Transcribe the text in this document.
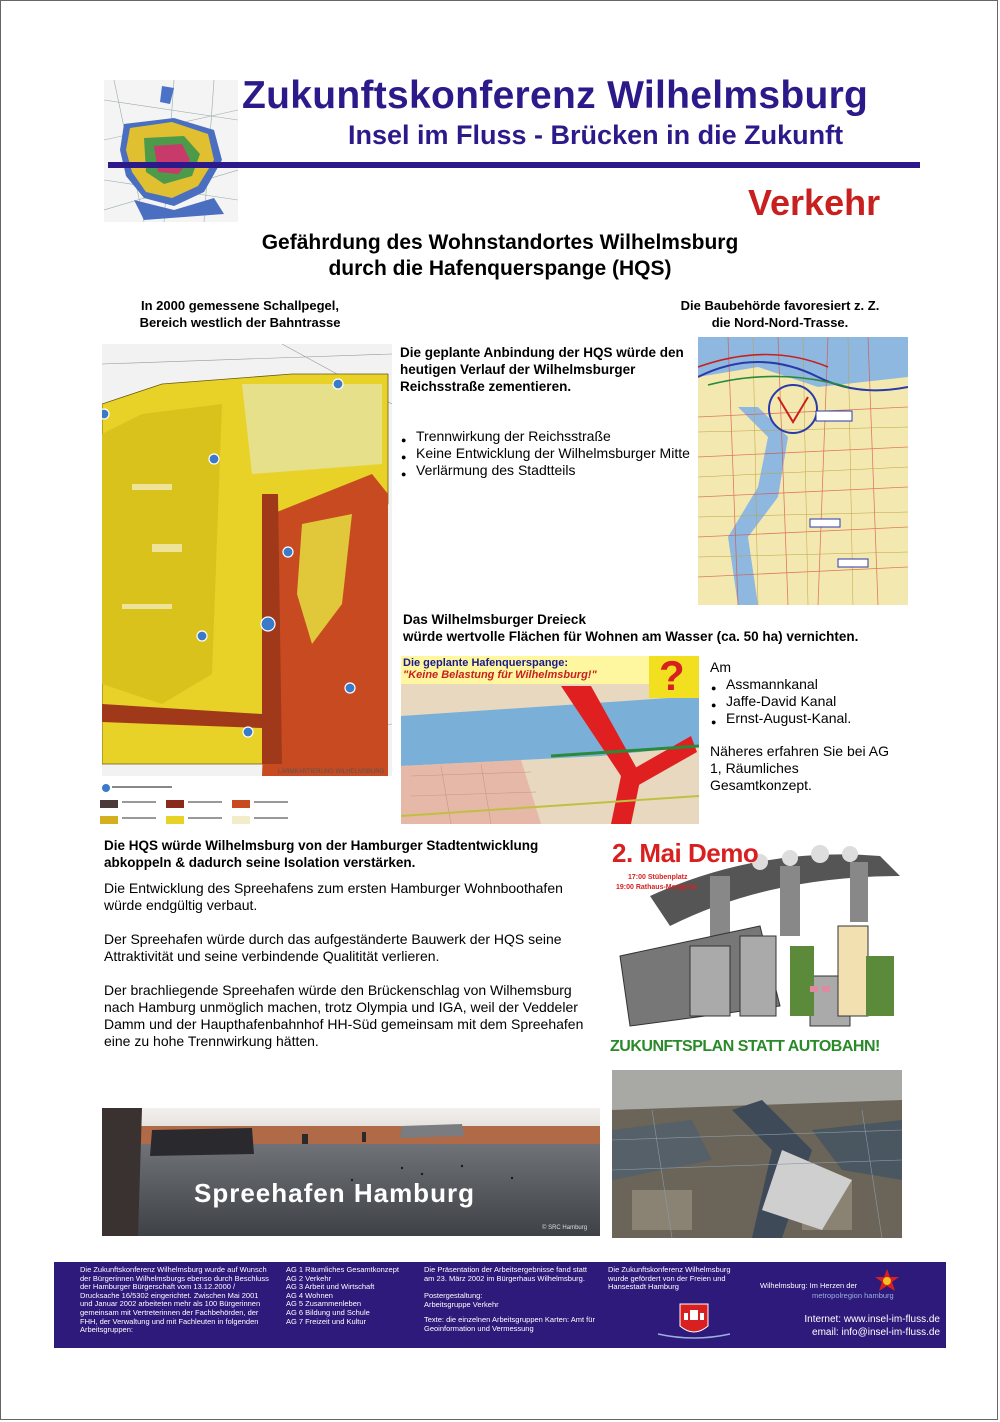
Zukunftskonferenz Wilhelmsburg
Insel im Fluss - Brücken in die Zukunft
Verkehr
Gefährdung des Wohnstandortes Wilhelmsburg
durch die Hafenquerspange (HQS)
In 2000 gemessene Schallpegel,
Bereich westlich der Bahntrasse
LÄRMKARTIERUNG WILHELMSBURG
Die geplante Anbindung der HQS würde den heutigen Verlauf der Wilhelmsburger Reichsstraße zementieren.
● Trennwirkung der Reichsstraße
● Keine Entwicklung der Wilhelmsburger Mitte
● Verlärmung des Stadtteils
Die Baubehörde favoresiert z. Z.
die Nord-Nord-Trasse.
Das Wilhelmsburger Dreieck
würde wertvolle Flächen für Wohnen am Wasser (ca. 50 ha) vernichten.
Die geplante Hafenquerspange:
"Keine Belastung für Wilhelmsburg!" ? Am
● Assmannkanal
● Jaffe-David Kanal
● Ernst-August-Kanal.
Näheres erfahren Sie bei AG 1, Räumliches Gesamtkonzept.
Die HQS würde Wilhelmsburg von der Hamburger Stadtentwicklung abkoppeln & dadurch seine Isolation verstärken.
Die Entwicklung des Spreehafens zum ersten Hamburger Wohnboothafen würde endgültig verbaut.
Der Spreehafen würde durch das aufgeständerte Bauwerk der HQS seine Attraktivität und seine verbindende Qualitität verlieren.
Der brachliegende Spreehafen würde den Brückenschlag von Wilhemsburg nach Hamburg unmöglich machen, trotz Olympia und IGA, weil der Veddeler Damm und der Haupthafenbahnhof HH-Süd gemeinsam mit dem Spreehafen eine zu hohe Trennwirkung hätten.
2. Mai Demo
17:00 Stübenplatz
19:00 Rathaus-Mengestr.
ZUKUNFTSPLAN STATT AUTOBAHN!
Spreehafen Hamburg
© SRC Hamburg
Die Zukunftskonferenz Wilhelmsburg wurde auf Wunsch der Bürgerinnen Wilhelmsburgs ebenso durch Beschluss der Hamburger Bürgerschaft vom 13.12.2000 / Drucksache 16/5302 eingerichtet. Zwischen Mai 2001 und Januar 2002 arbeiteten mehr als 100 Bürgerinnen gemeinsam mit Vertreterinnen der Fachbehörden, der FHH, der Verwaltung und mit Fachleuten in folgenden Arbeitsgruppen:
AG 1 Räumliches Gesamtkonzept
AG 2 Verkehr
AG 3 Arbeit und Wirtschaft
AG 4 Wohnen
AG 5 Zusammenleben
AG 6 Bildung und Schule
AG 7 Freizeit und Kultur
Die Präsentation der Arbeitsergebnisse fand statt am 23. März 2002 im Bürgerhaus Wilhelmsburg.
Postergestaltung: Arbeitsgruppe Verkehr
Texte: die einzelnen Arbeitsgruppen Karten: Amt für Geoinformation und Vermessung
Die Zukunftskonferenz Wilhelmsburg wurde gefördert von der Freien und Hansestadt Hamburg	Wilhelmsburg: Im Herzen der
metropolregion hamburg
Internet: www.insel-im-fluss.de
email: info@insel-im-fluss.de
